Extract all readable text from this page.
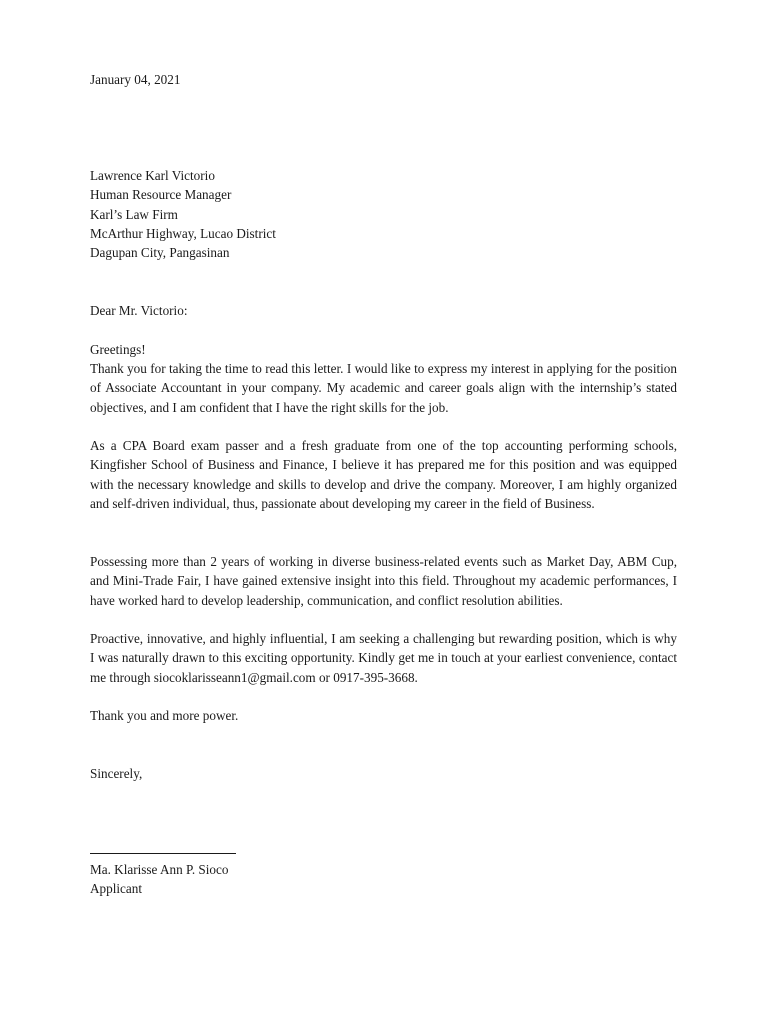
January 04, 2021
Lawrence Karl Victorio
Human Resource Manager
Karl’s Law Firm
McArthur Highway, Lucao District
Dagupan City, Pangasinan
Dear Mr. Victorio:
Greetings!

Thank you for taking the time to read this letter. I would like to express my interest in applying for the position of Associate Accountant in your company. My academic and career goals align with the internship’s stated objectives, and I am confident that I have the right skills for the job.

As a CPA Board exam passer and a fresh graduate from one of the top accounting performing schools, Kingfisher School of Business and Finance, I believe it has prepared me for this position and was equipped with the necessary knowledge and skills to develop and drive the company. Moreover, I am highly organized and self-driven individual, thus, passionate about developing my career in the field of Business.

Possessing more than 2 years of working in diverse business-related events such as Market Day, ABM Cup, and Mini-Trade Fair, I have gained extensive insight into this field. Throughout my academic performances, I have worked hard to develop leadership, communication, and conflict resolution abilities.

Proactive, innovative, and highly influential, I am seeking a challenging but rewarding position, which is why I was naturally drawn to this exciting opportunity. Kindly get me in touch at your earliest convenience, contact me through siocoklarisseann1@gmail.com or 0917-395-3668.

Thank you and more power.
Sincerely,
Ma. Klarisse Ann P. Sioco
Applicant
